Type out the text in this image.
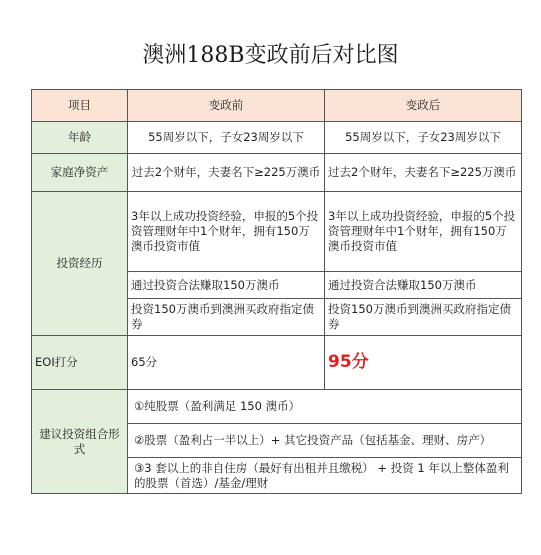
澳洲188B变政前后对比图
项目	变政前	变政后
年龄	55周岁以下，子女23周岁以下	55周岁以下，子女23周岁以下
家庭净资产	过去2个财年，夫妻名下≥225万澳币	过去2个财年，夫妻名下≥225万澳币
投资经历	3年以上成功投资经验，申报的5个投资管理财年中1个财年，拥有150万澳币投资市值	3年以上成功投资经验，申报的5个投资管理财年中1个财年，拥有150万澳币投资市值
	通过投资合法赚取150万澳币	通过投资合法赚取150万澳币
	投资150万澳币到澳洲买政府指定债券	投资150万澳币到澳洲买政府指定债券
EOI打分	65分	95分
建议投资组合形式	①纯股票（盈利满足 150 澳币）	
	②股票（盈利占一半以上）+ 其它投资产品（包括基金、理财、房产）	
	③3 套以上的非自住房（最好有出租并且缴税） + 投资 1 年以上整体盈利的股票（首选）/基金/理财	
